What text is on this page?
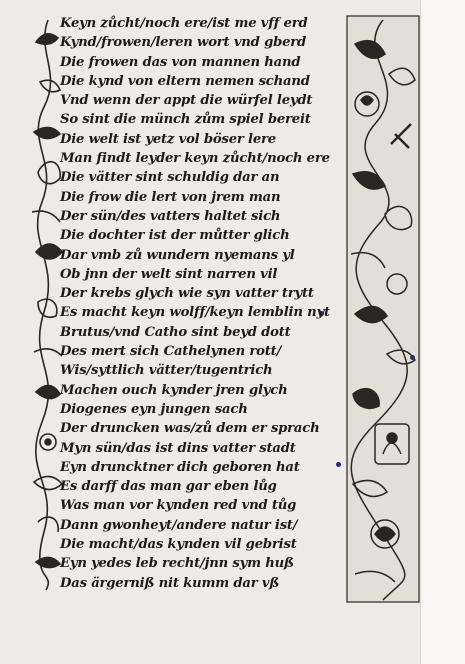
Keyn zůcht/noch ere/ist me vff erd
Kynd/frowen/leren wort vnd gberd
Die frowen das von mannen hand
Die kynd von eltern nemen schand
Vnd wenn der appt die würfel leydt
So sint die münch zům spiel bereit
Die welt ist yetz vol böser lere
Man findt leyder keyn zůcht/noch ere
Die vätter sint schuldig dar an
Die frow die lert von jrem man
Der sün/des vatters haltet sich
Die dochter ist der můtter glich
Dar vmb zů wundern nyemans yl
Ob jnn der welt sint narren vil
Der krebs glych wie syn vatter trytt
Es macht keyn wolff/keyn lemblin nyt
Brutus/vnd Catho sint beyd dott
Des mert sich Cathelynen rott/
Wis/syttlich vätter/tugentrich
Machen ouch kynder jren glych
Diogenes eyn jungen sach
Der druncken was/zů dem er sprach
Myn sün/das ist dins vatter stadt
Eyn druncktner dich geboren hat
Es darff das man gar eben lůg
Was man vor kynden red vnd tůg
Dann gwonheyt/andere natur ist/
Die macht/das kynden vil gebrist
Eyn yedes leb recht/jnn sym huß
Das ärgerniß nit kumm dar vß
